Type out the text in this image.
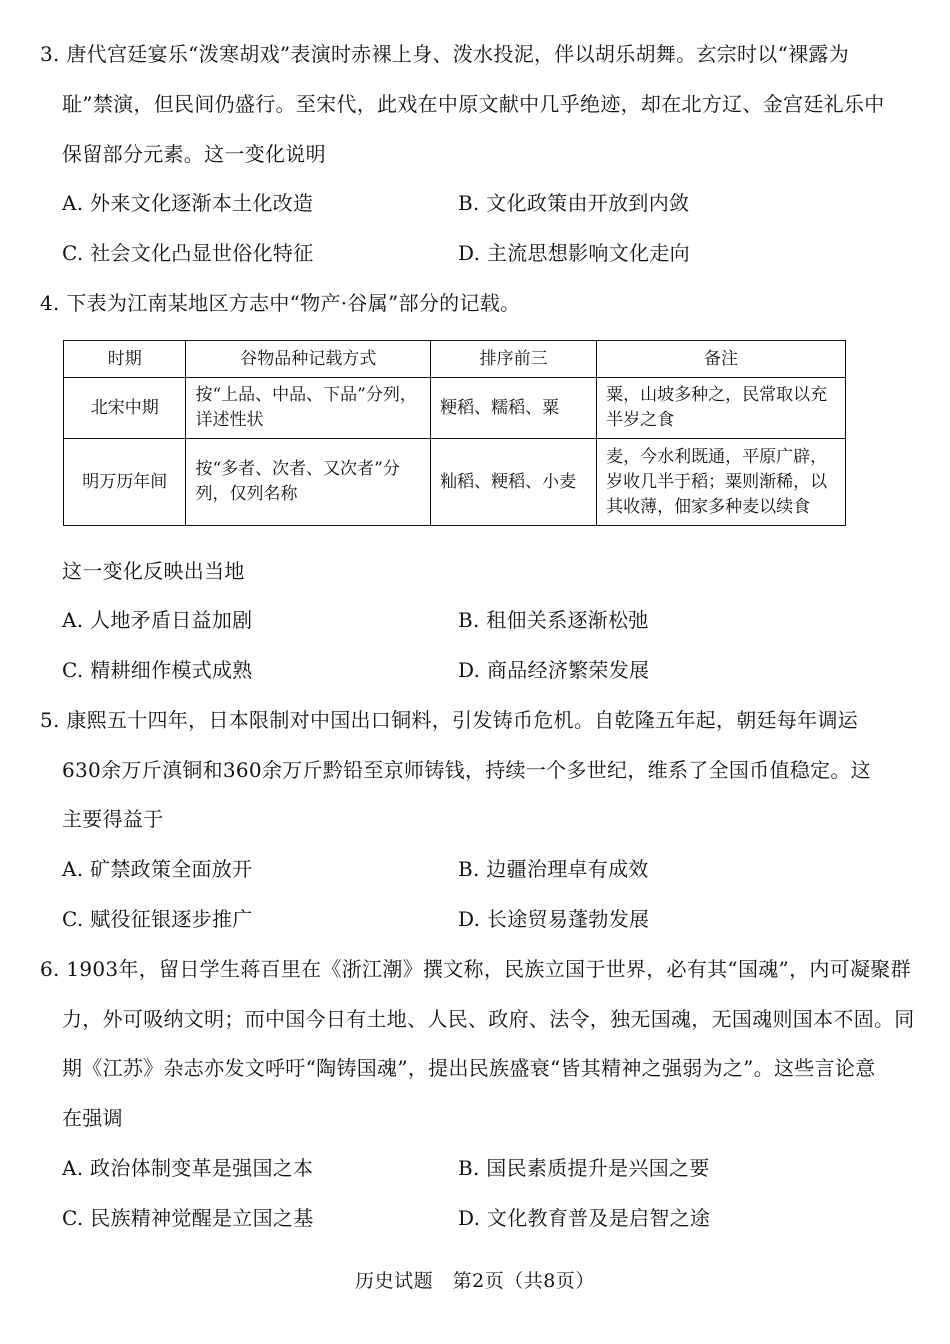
3. 唐代宫廷宴乐“泼寒胡戏”表演时赤裸上身、泼水投泥，伴以胡乐胡舞。玄宗时以“裸露为
耻”禁演，但民间仍盛行。至宋代，此戏在中原文献中几乎绝迹，却在北方辽、金宫廷礼乐中
保留部分元素。这一变化说明
A. 外来文化逐渐本土化改造	B. 文化政策由开放到内敛
C. 社会文化凸显世俗化特征	D. 主流思想影响文化走向
4. 下表为江南某地区方志中“物产·谷属”部分的记载。
时期	谷物品种记载方式	排序前三	备注
北宋中期	按“上品、中品、下品”分列，详述性状	粳稻、糯稻、粟	粟，山坡多种之，民常取以充半岁之食
明万历年间	按“多者、次者、又次者”分列，仅列名称	籼稻、粳稻、小麦	麦，今水利既通，平原广辟，岁收几半于稻；粟则渐稀，以其收薄，佃家多种麦以续食
这一变化反映出当地
A. 人地矛盾日益加剧	B. 租佃关系逐渐松弛
C. 精耕细作模式成熟	D. 商品经济繁荣发展
5. 康熙五十四年，日本限制对中国出口铜料，引发铸币危机。自乾隆五年起，朝廷每年调运
630余万斤滇铜和360余万斤黔铅至京师铸钱，持续一个多世纪，维系了全国币值稳定。这
主要得益于
A. 矿禁政策全面放开	B. 边疆治理卓有成效
C. 赋役征银逐步推广	D. 长途贸易蓬勃发展
6. 1903年，留日学生蒋百里在《浙江潮》撰文称，民族立国于世界，必有其“国魂”，内可凝聚群
力，外可吸纳文明；而中国今日有土地、人民、政府、法令，独无国魂，无国魂则国本不固。同
期《江苏》杂志亦发文呼吁“陶铸国魂”，提出民族盛衰“皆其精神之强弱为之”。这些言论意
在强调
A. 政治体制变革是强国之本	B. 国民素质提升是兴国之要
C. 民族精神觉醒是立国之基	D. 文化教育普及是启智之途
历史试题　第2页（共8页）
